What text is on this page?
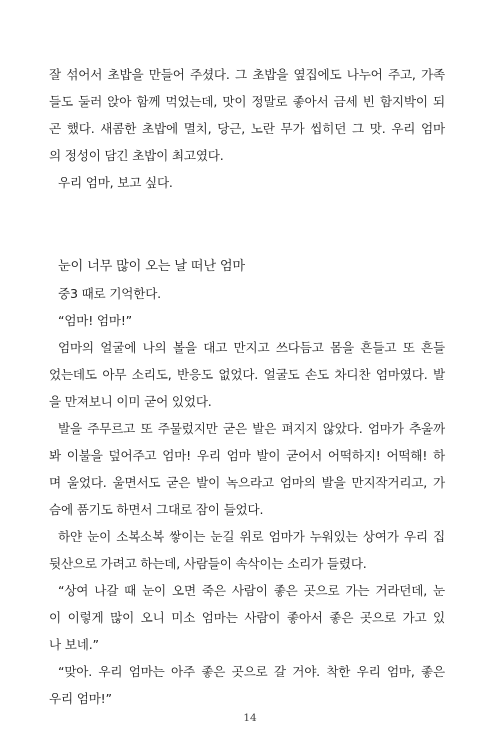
잘 섞어서 초밥을 만들어 주셨다. 그 초밥을 옆집에도 나누어 주고, 가족
들도 둘러 앉아 함께 먹었는데, 맛이 정말로 좋아서 금세 빈 함지박이 되
곤 했다. 새콤한 초밥에 멸치, 당근, 노란 무가 씹히던 그 맛. 우리 엄마
의 정성이 담긴 초밥이 최고였다.
우리 엄마, 보고 싶다.
눈이 너무 많이 오는 날 떠난 엄마
중3 때로 기억한다.
“엄마! 엄마!”
엄마의 얼굴에 나의 볼을 대고 만지고 쓰다듬고 몸을 흔들고 또 흔들
었는데도 아무 소리도, 반응도 없었다. 얼굴도 손도 차디찬 엄마였다. 발
을 만져보니 이미 굳어 있었다.
발을 주무르고 또 주물렀지만 굳은 발은 펴지지 않았다. 엄마가 추울까
봐 이불을 덮어주고 엄마! 우리 엄마 발이 굳어서 어떡하지! 어떡해! 하
며 울었다. 울면서도 굳은 발이 녹으라고 엄마의 발을 만지작거리고, 가
슴에 품기도 하면서 그대로 잠이 들었다.
하얀 눈이 소복소복 쌓이는 눈길 위로 엄마가 누워있는 상여가 우리 집
뒷산으로 가려고 하는데, 사람들이 속삭이는 소리가 들렸다.
“상여 나갈 때 눈이 오면 죽은 사람이 좋은 곳으로 가는 거라던데, 눈
이 이렇게 많이 오니 미소 엄마는 사람이 좋아서 좋은 곳으로 가고 있
나 보네.”
“맞아. 우리 엄마는 아주 좋은 곳으로 갈 거야. 착한 우리 엄마, 좋은
우리 엄마!”
14
